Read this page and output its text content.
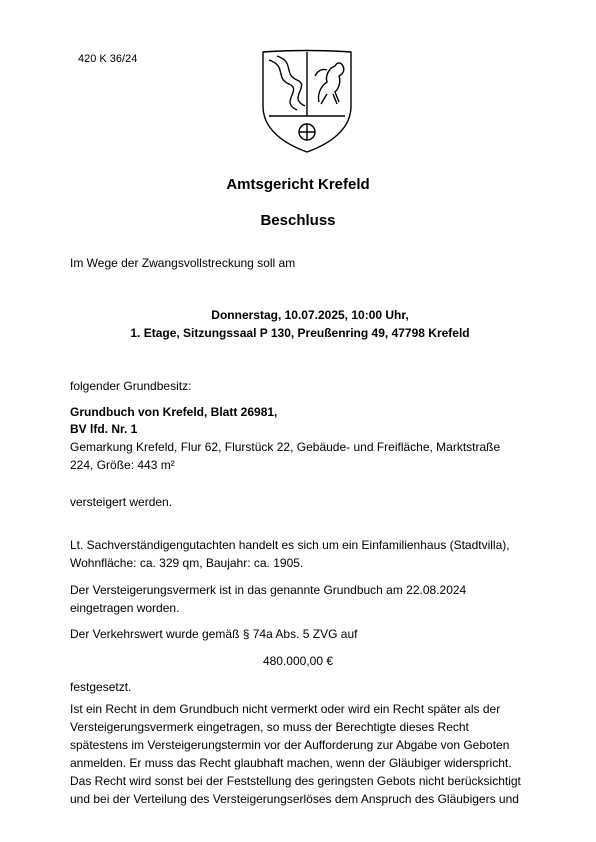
420 K 36/24
Amtsgericht Krefeld
Beschluss
Im Wege der Zwangsvollstreckung soll am
Donnerstag, 10.07.2025, 10:00 Uhr,
1. Etage, Sitzungssaal P 130, Preußenring 49, 47798 Krefeld
folgender Grundbesitz:
Grundbuch von Krefeld, Blatt 26981,
BV lfd. Nr. 1
Gemarkung Krefeld, Flur 62, Flurstück 22, Gebäude- und Freifläche, Marktstraße 224, Größe: 443 m²
versteigert werden.
Lt. Sachverständigengutachten handelt es sich um ein Einfamilienhaus (Stadtvilla), Wohnfläche: ca. 329 qm, Baujahr: ca. 1905.
Der Versteigerungsvermerk ist in das genannte Grundbuch am 22.08.2024 eingetragen worden.
Der Verkehrswert wurde gemäß § 74a Abs. 5 ZVG auf
480.000,00 €
festgesetzt.
Ist ein Recht in dem Grundbuch nicht vermerkt oder wird ein Recht später als der
Versteigerungsvermerk eingetragen, so muss der Berechtigte dieses Recht
spätestens im Versteigerungstermin vor der Aufforderung zur Abgabe von Geboten
anmelden. Er muss das Recht glaubhaft machen, wenn der Gläubiger widerspricht.
Das Recht wird sonst bei der Feststellung des geringsten Gebots nicht berücksichtigt
und bei der Verteilung des Versteigerungserlöses dem Anspruch des Gläubigers und
